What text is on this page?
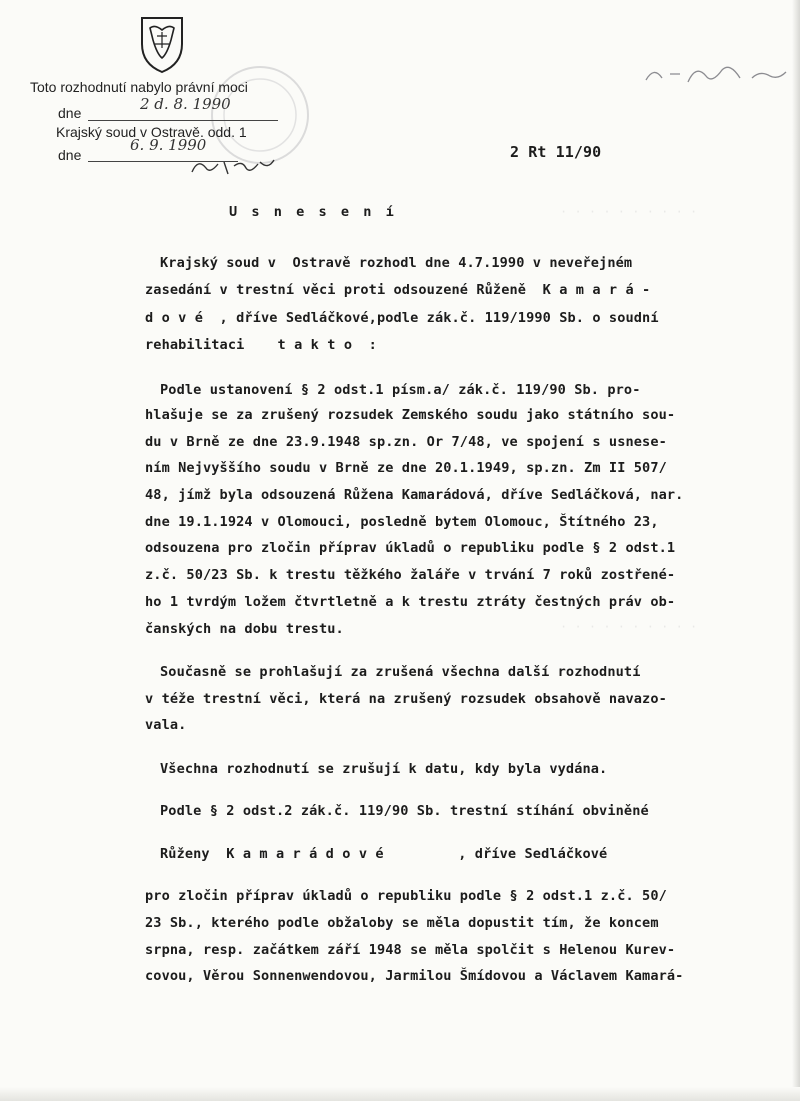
· · · · · · · · · ·
· · · · · · · · · ·
Toto rozhodnutí nabylo právní moci
dne	2 d. 8. 1990
Krajský soud v Ostravě. odd. 1
dne
6. 9. 1990	2 Rt 11/90
U s n e s e n í
Krajský soud v  Ostravě rozhodl dne 4.7.1990 v neveřejném
zasedání v trestní věci proti odsouzené Růženě  K a m a r á -
d o v é  , dříve Sedláčkové,podle zák.č. 119/1990 Sb. o soudní
rehabilitaci    t a k t o  :
Podle ustanovení § 2 odst.1 písm.a/ zák.č. 119/90 Sb. pro-
hlašuje se za zrušený rozsudek Zemského soudu jako státního sou-
du v Brně ze dne 23.9.1948 sp.zn. Or 7/48, ve spojení s usnese-
ním Nejvyššího soudu v Brně ze dne 20.1.1949, sp.zn. Zm II 507/
48, jímž byla odsouzená Růžena Kamarádová, dříve Sedláčková, nar.
dne 19.1.1924 v Olomouci, posledně bytem Olomouc, Štítného 23,
odsouzena pro zločin příprav úkladů o republiku podle § 2 odst.1
z.č. 50/23 Sb. k trestu těžkého žaláře v trvání 7 roků zostřené-
ho 1 tvrdým ložem čtvrtletně a k trestu ztráty čestných práv ob-
čanských na dobu trestu.
Současně se prohlašují za zrušená všechna další rozhodnutí
v téže trestní věci, která na zrušený rozsudek obsahově navazo-
vala.
Všechna rozhodnutí se zrušují k datu, kdy byla vydána.
Podle § 2 odst.2 zák.č. 119/90 Sb. trestní stíhání obviněné
Růženy  K a m a r á d o v é         , dříve Sedláčkové
pro zločin příprav úkladů o republiku podle § 2 odst.1 z.č. 50/
23 Sb., kterého podle obžaloby se měla dopustit tím, že koncem
srpna, resp. začátkem září 1948 se měla spolčit s Helenou Kurev-
covou, Věrou Sonnenwendovou, Jarmilou Šmídovou a Václavem Kamará-
